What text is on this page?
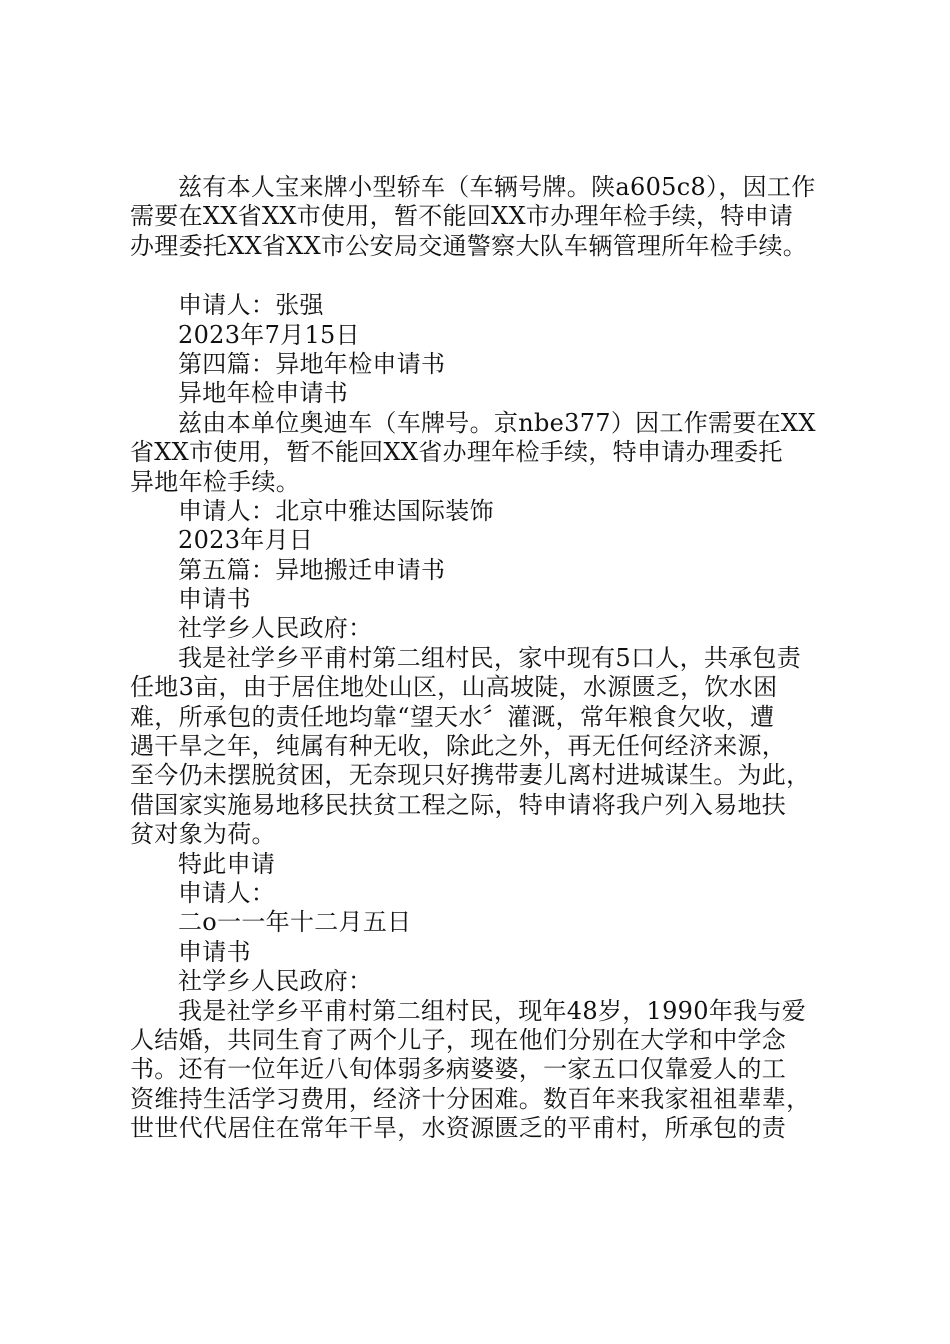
兹有本人宝来牌小型轿车（车辆号牌。陕a605c8），因工作
需要在XX省XX市使用，暂不能回XX市办理年检手续，特申请
办理委托XX省XX市公安局交通警察大队车辆管理所年检手续。
申请人：张强
2023年7月15日
第四篇：异地年检申请书
异地年检申请书
兹由本单位奥迪车（车牌号。京nbe377）因工作需要在XX
省XX市使用，暂不能回XX省办理年检手续，特申请办理委托
异地年检手续。
申请人：北京中雅达国际装饰
2023年月日
第五篇：异地搬迁申请书
申请书
社学乡人民政府：
我是社学乡平甫村第二组村民，家中现有5口人，共承包责
任地3亩，由于居住地处山区，山高坡陡，水源匮乏，饮水困
难，所承包的责任地均靠“望天水〞灌溉，常年粮食欠收，遭
遇干旱之年，纯属有种无收，除此之外，再无任何经济来源，
至今仍未摆脱贫困，无奈现只好携带妻儿离村进城谋生。为此，
借国家实施易地移民扶贫工程之际，特申请将我户列入易地扶
贫对象为荷。
特此申请
申请人：
二o一一年十二月五日
申请书
社学乡人民政府：
我是社学乡平甫村第二组村民，现年48岁，1990年我与爱
人结婚，共同生育了两个儿子，现在他们分别在大学和中学念
书。还有一位年近八旬体弱多病婆婆，一家五口仅靠爱人的工
资维持生活学习费用，经济十分困难。数百年来我家祖祖辈辈，
世世代代居住在常年干旱，水资源匮乏的平甫村，所承包的责
